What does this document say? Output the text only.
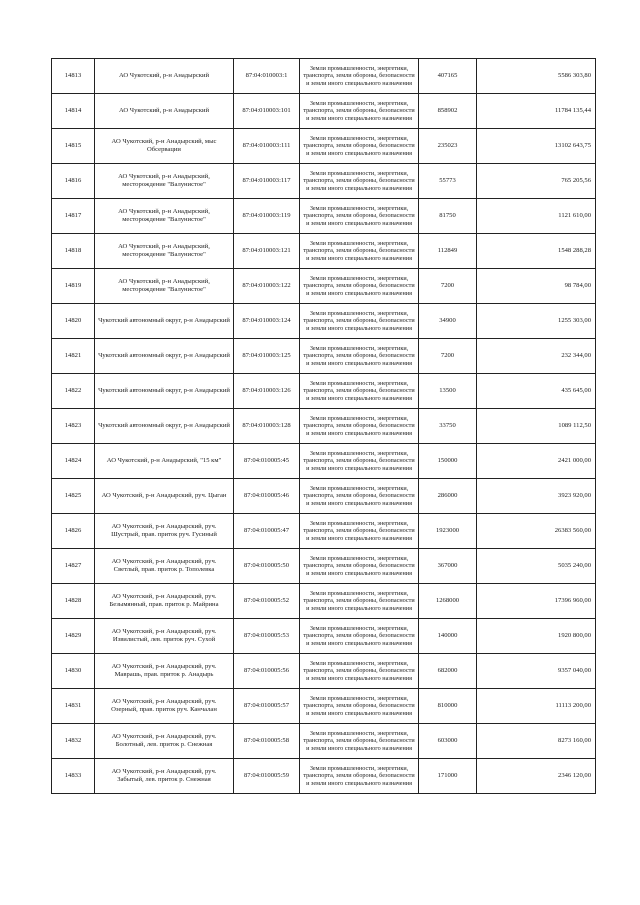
14813	АО Чукотский, р-н Анадырский	87:04:010003:1	Земли промышленности, энергетики, транспорта, земли обороны, безопасности и земли иного специального назначения	407165	5586 303,80
14814	АО Чукотский, р-н Анадырский	87:04:010003:101	Земли промышленности, энергетики, транспорта, земли обороны, безопасности и земли иного специального назначения	858902	11784 135,44
14815	АО Чукотский, р-н Анадырский, мыс Обсервации	87:04:010003:111	Земли промышленности, энергетики, транспорта, земли обороны, безопасности и земли иного специального назначения	235023	13102 643,75
14816	АО Чукотский, р-н Анадырский, месторождение "Валунистое"	87:04:010003:117	Земли промышленности, энергетики, транспорта, земли обороны, безопасности и земли иного специального назначения	55773	765 205,56
14817	АО Чукотский, р-н Анадырский, месторождение "Валунистое"	87:04:010003:119	Земли промышленности, энергетики, транспорта, земли обороны, безопасности и земли иного специального назначения	81750	1121 610,00
14818	АО Чукотский, р-н Анадырский, месторождение "Валунистое"	87:04:010003:121	Земли промышленности, энергетики, транспорта, земли обороны, безопасности и земли иного специального назначения	112849	1548 288,28
14819	АО Чукотский, р-н Анадырский, месторождение "Валунистое"	87:04:010003:122	Земли промышленности, энергетики, транспорта, земли обороны, безопасности и земли иного специального назначения	7200	98 784,00
14820	Чукотский автономный округ, р-н Анадырский	87:04:010003:124	Земли промышленности, энергетики, транспорта, земли обороны, безопасности и земли иного специального назначения	34900	1255 303,00
14821	Чукотский автономный округ, р-н Анадырский	87:04:010003:125	Земли промышленности, энергетики, транспорта, земли обороны, безопасности и земли иного специального назначения	7200	232 344,00
14822	Чукотский автономный округ, р-н Анадырский	87:04:010003:126	Земли промышленности, энергетики, транспорта, земли обороны, безопасности и земли иного специального назначения	13500	435 645,00
14823	Чукотский автономный округ, р-н Анадырский	87:04:010003:128	Земли промышленности, энергетики, транспорта, земли обороны, безопасности и земли иного специального назначения	33750	1089 112,50
14824	АО Чукотский, р-н Анадырский, "15 км"	87:04:010005:45	Земли промышленности, энергетики, транспорта, земли обороны, безопасности и земли иного специального назначения	150000	2421 000,00
14825	АО Чукотский, р-н Анадырский, руч. Цыган	87:04:010005:46	Земли промышленности, энергетики, транспорта, земли обороны, безопасности и земли иного специального назначения	286000	3923 920,00
14826	АО Чукотский, р-н Анадырский, руч. Шустрый, прав. приток руч. Гусиный	87:04:010005:47	Земли промышленности, энергетики, транспорта, земли обороны, безопасности и земли иного специального назначения	1923000	26383 560,00
14827	АО Чукотский, р-н Анадырский, руч. Светлый, прав. приток р. Тополевка	87:04:010005:50	Земли промышленности, энергетики, транспорта, земли обороны, безопасности и земли иного специального назначения	367000	5035 240,00
14828	АО Чукотский, р-н Анадырский, руч. Безымянный, прав. приток р. Майрина	87:04:010005:52	Земли промышленности, энергетики, транспорта, земли обороны, безопасности и земли иного специального назначения	1268000	17396 960,00
14829	АО Чукотский, р-н Анадырский, руч. Извилистый, лев. приток руч. Сухой	87:04:010005:53	Земли промышленности, энергетики, транспорта, земли обороны, безопасности и земли иного специального назначения	140000	1920 800,00
14830	АО Чукотский, р-н Анадырский, руч. Маврашь, прав. приток р. Анадырь	87:04:010005:56	Земли промышленности, энергетики, транспорта, земли обороны, безопасности и земли иного специального назначения	682000	9357 040,00
14831	АО Чукотский, р-н Анадырский, руч. Озерный, прав. приток руч. Канчалан	87:04:010005:57	Земли промышленности, энергетики, транспорта, земли обороны, безопасности и земли иного специального назначения	810000	11113 200,00
14832	АО Чукотский, р-н Анадырский, руч. Болотный, лев. приток р. Снежная	87:04:010005:58	Земли промышленности, энергетики, транспорта, земли обороны, безопасности и земли иного специального назначения	603000	8273 160,00
14833	АО Чукотский, р-н Анадырский, руч. Забытый, лев. приток р. Снежная	87:04:010005:59	Земли промышленности, энергетики, транспорта, земли обороны, безопасности и земли иного специального назначения	171000	2346 120,00
